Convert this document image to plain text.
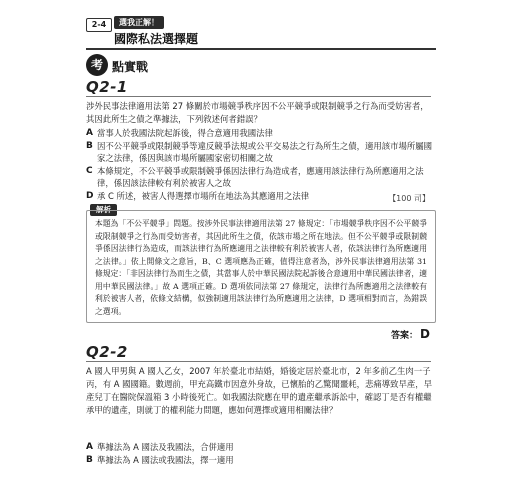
2-4	選我正解！
國際私法選擇題
考 點實戰
Q2-1
涉外民事法律適用法第 27 條關於市場競爭秩序因不公平競爭或限制競爭之行為而受妨害者，其因此所生之債之準據法，下列敘述何者錯誤？
A 當事人於我國法院起訴後，得合意適用我國法律
B 因不公平競爭或限制競爭等違反競爭法規或公平交易法之行為所生之債，適用該市場所屬國家之法律，係因與該市場所屬國家密切相關之故
C 本條規定，不公平競爭或限制競爭係因法律行為造成者，應適用該法律行為所應適用之法律，係因該法律較有利於被害人之故
D 承 C 所述，被害人得選擇市場所在地法為其應適用之法律	【100 司】
解析
本題為「不公平競爭」問題。按涉外民事法律適用法第 27 條規定：「市場競爭秩序因不公平競爭或限制競爭之行為而受妨害者，其因此所生之債，依該市場之所在地法。但不公平競爭或限制競爭係因法律行為造成，而該法律行為所應適用之法律較有利於被害人者，依該法律行為所應適用之法律。」依上開條文之意旨，B、C 選項應為正確，值得注意者為，涉外民事法律適用法第 31 條規定：「非因法律行為而生之債，其當事人於中華民國法院起訴後合意適用中華民國法律者，適用中華民國法律。」故 A 選項正確。D 選項依同法第 27 條規定，法律行為所應適用之法律較有利於被害人者，依條文結構，似強制適用該法律行為所應適用之法律，D 選項相對而言，為錯誤之選項。
答案： D
Q2-2
A 國人甲男與 A 國人乙女，2007 年於臺北市結婚，婚後定居於臺北市，2 年多前乙生肉一子丙，有 A 國國籍。數週前，甲充高鐵市因意外身故，已懷胎的乙驚聞噩耗，悲痛導致早產，早產兒丁在醫院保溫箱 3 小時後死亡。如我國法院應在甲的遺產繼承訴訟中，確認丁是否有權繼承甲的遺產，則就丁的權利能力問題，應如何選擇或適用相關法律？
A 準據法為 A 國法及我國法，合併適用
B 準據法為 A 國法或我國法，擇一適用
